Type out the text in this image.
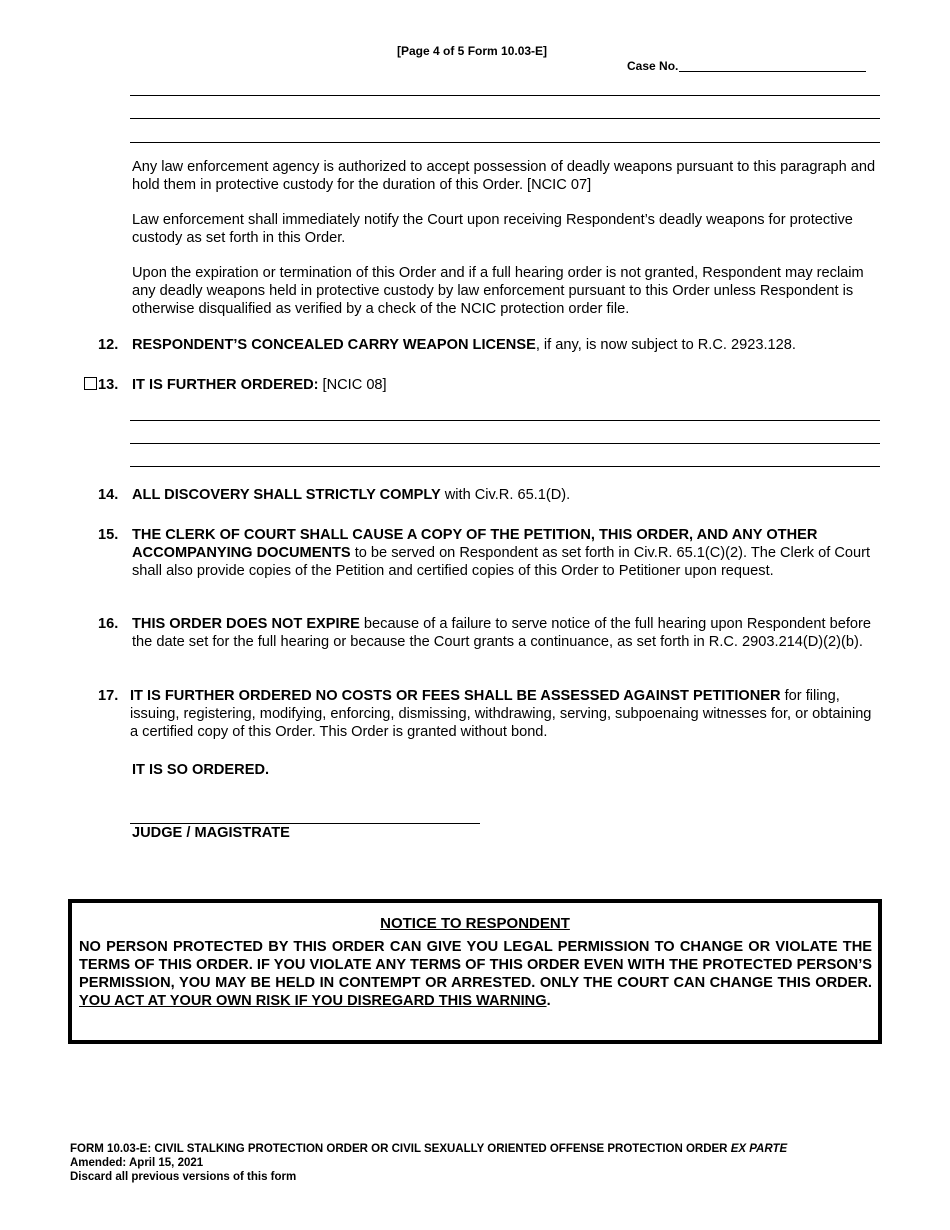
[Page 4 of 5 Form 10.03-E]
Case No.
Any law enforcement agency is authorized to accept possession of deadly weapons pursuant to this paragraph and hold them in protective custody for the duration of this Order. [NCIC 07]
Law enforcement shall immediately notify the Court upon receiving Respondent’s deadly weapons for protective custody as set forth in this Order.
Upon the expiration or termination of this Order and if a full hearing order is not granted, Respondent may reclaim any deadly weapons held in protective custody by law enforcement pursuant to this Order unless Respondent is otherwise disqualified as verified by a check of the NCIC protection order file.
12. RESPONDENT’S CONCEALED CARRY WEAPON LICENSE, if any, is now subject to R.C. 2923.128.
13. IT IS FURTHER ORDERED: [NCIC 08]
14. ALL DISCOVERY SHALL STRICTLY COMPLY with Civ.R. 65.1(D).
15. THE CLERK OF COURT SHALL CAUSE A COPY OF THE PETITION, THIS ORDER, AND ANY OTHER ACCOMPANYING DOCUMENTS to be served on Respondent as set forth in Civ.R. 65.1(C)(2). The Clerk of Court shall also provide copies of the Petition and certified copies of this Order to Petitioner upon request.
16. THIS ORDER DOES NOT EXPIRE because of a failure to serve notice of the full hearing upon Respondent before the date set for the full hearing or because the Court grants a continuance, as set forth in R.C. 2903.214(D)(2)(b).
17. IT IS FURTHER ORDERED NO COSTS OR FEES SHALL BE ASSESSED AGAINST PETITIONER for filing, issuing, registering, modifying, enforcing, dismissing, withdrawing, serving, subpoenaing witnesses for, or obtaining a certified copy of this Order. This Order is granted without bond.
IT IS SO ORDERED.
JUDGE / MAGISTRATE
NOTICE TO RESPONDENT
NO PERSON PROTECTED BY THIS ORDER CAN GIVE YOU LEGAL PERMISSION TO CHANGE OR VIOLATE THE TERMS OF THIS ORDER. IF YOU VIOLATE ANY TERMS OF THIS ORDER EVEN WITH THE PROTECTED PERSON’S PERMISSION, YOU MAY BE HELD IN CONTEMPT OR ARRESTED. ONLY THE COURT CAN CHANGE THIS ORDER. YOU ACT AT YOUR OWN RISK IF YOU DISREGARD THIS WARNING.
FORM 10.03-E: CIVIL STALKING PROTECTION ORDER OR CIVIL SEXUALLY ORIENTED OFFENSE PROTECTION ORDER EX PARTE
Amended: April 15, 2021
Discard all previous versions of this form
